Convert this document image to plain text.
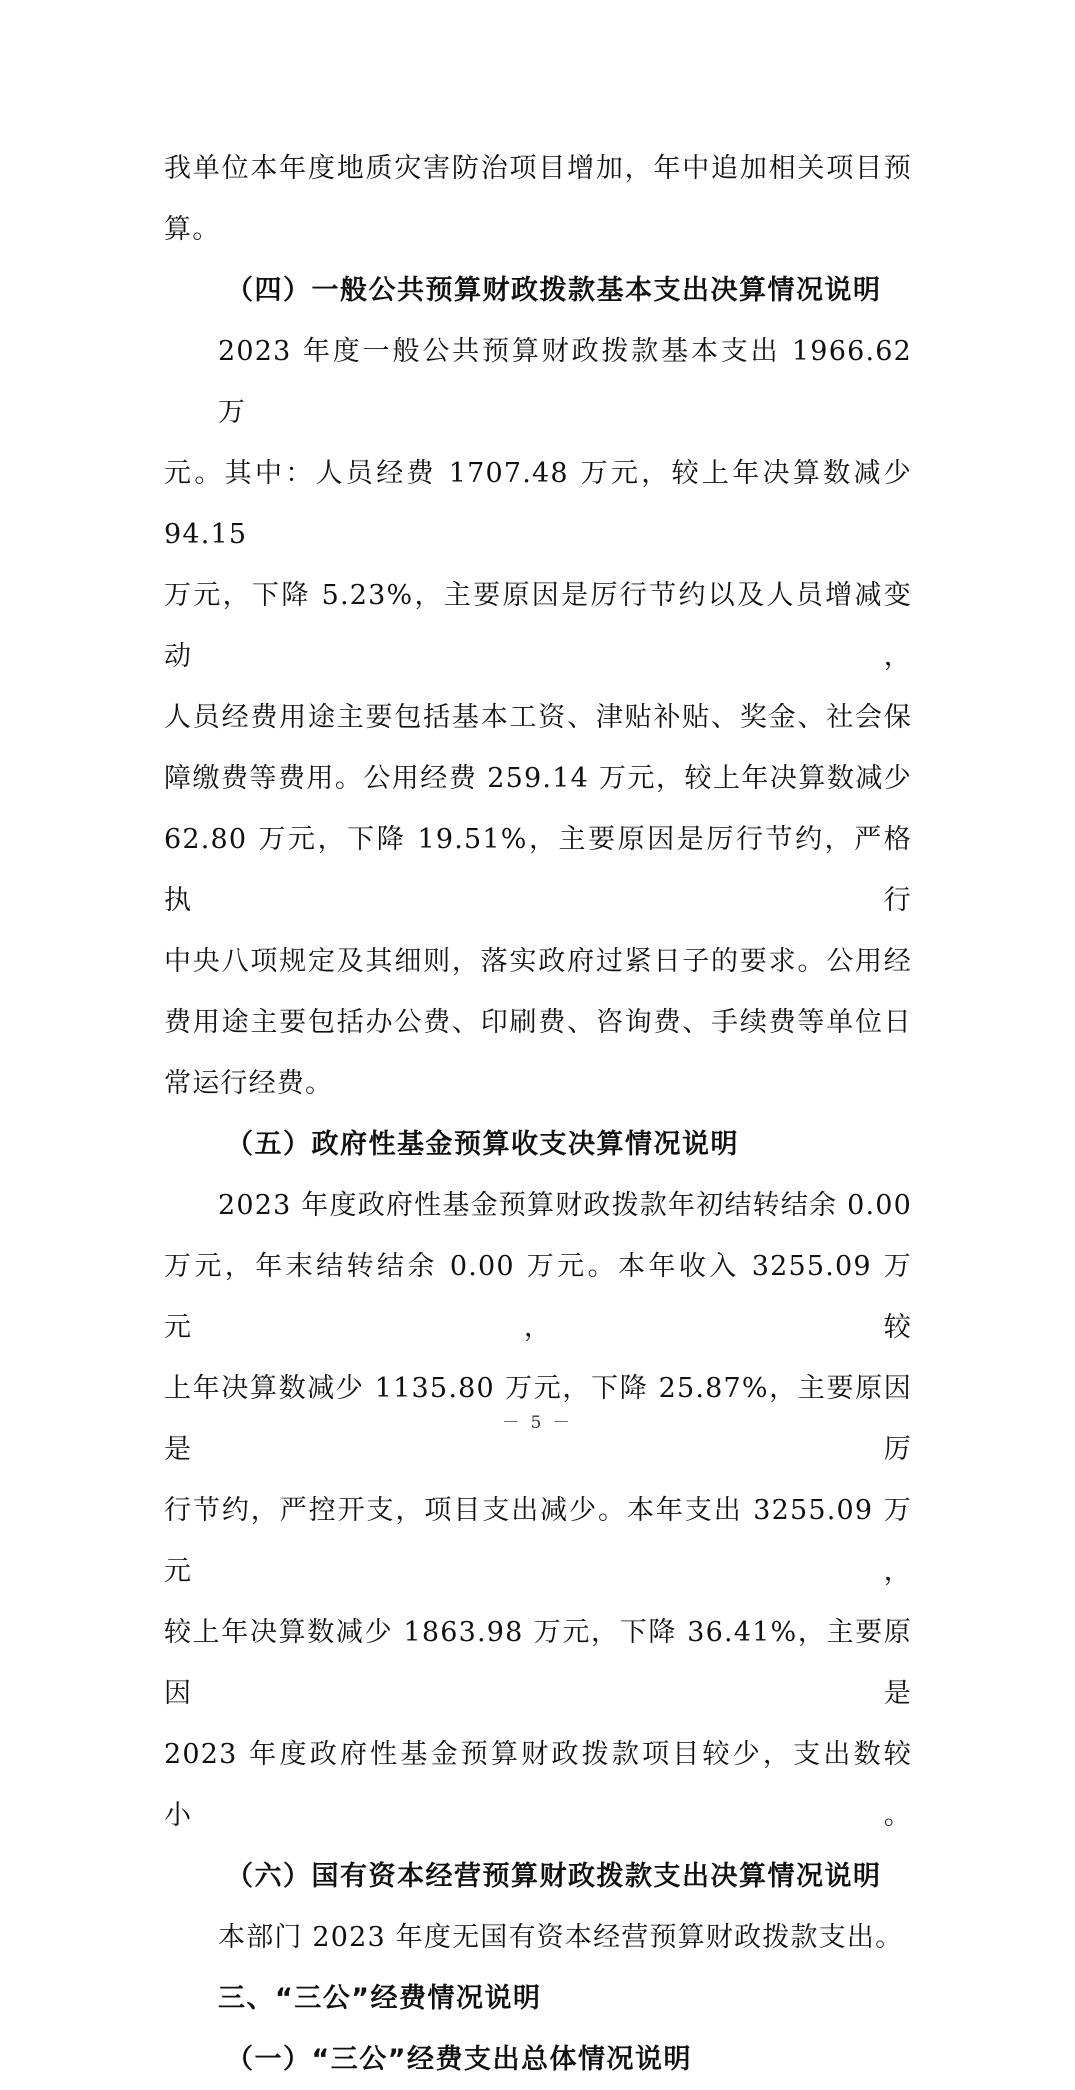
我单位本年度地质灾害防治项目增加，年中追加相关项目预
算。

（四）一般公共预算财政拨款基本支出决算情况说明

2023 年度一般公共预算财政拨款基本支出 1966.62 万
元。其中：人员经费 1707.48 万元，较上年决算数减少 94.15
万元，下降 5.23%，主要原因是厉行节约以及人员增减变动，
人员经费用途主要包括基本工资、津贴补贴、奖金、社会保
障缴费等费用。公用经费 259.14 万元，较上年决算数减少
62.80 万元，下降 19.51%，主要原因是厉行节约，严格执行
中央八项规定及其细则，落实政府过紧日子的要求。公用经
费用途主要包括办公费、印刷费、咨询费、手续费等单位日
常运行经费。

（五）政府性基金预算收支决算情况说明

2023 年度政府性基金预算财政拨款年初结转结余 0.00
万元，年末结转结余 0.00 万元。本年收入 3255.09 万元，较
上年决算数减少 1135.80 万元，下降 25.87%，主要原因是厉
行节约，严控开支，项目支出减少。本年支出 3255.09 万元，
较上年决算数减少 1863.98 万元，下降 36.41%，主要原因是
2023 年度政府性基金预算财政拨款项目较少，支出数较小。

（六）国有资本经营预算财政拨款支出决算情况说明

本部门 2023 年度无国有资本经营预算财政拨款支出。

三、“三公”经费情况说明

（一）“三公”经费支出总体情况说明

－ 5 －
